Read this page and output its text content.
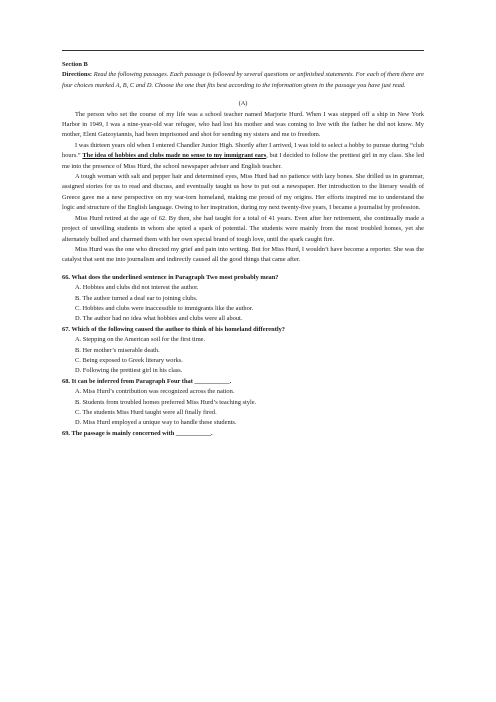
Section B
Directions: Read the following passages. Each passage is followed by several questions or unfinished statements. For each of them there are four choices marked A, B, C and D. Choose the one that fits best according to the information given in the passage you have just read.
(A)

The person who set the course of my life was a school teacher named Marjorie Hurd. When I was stepped off a ship in New York Harbor in 1949, I was a nine-year-old war refugee, who had lost his mother and was coming to live with the father he did not know. My mother, Eleni Gatzoyiannis, had been imprisoned and shot for sending my sisters and me to freedom.

I was thirteen years old when I entered Chandler Junior High. Shortly after I arrived, I was told to select a hobby to pursue during “club hours.” The idea of hobbies and clubs made no sense to my immigrant ears, but I decided to follow the prettiest girl in my class. She led me into the presence of Miss Hurd, the school newspaper adviser and English teacher.

A tough woman with salt and pepper hair and determined eyes, Miss Hurd had no patience with lazy bones. She drilled us in grammar, assigned stories for us to read and discuss, and eventually taught us how to put out a newspaper. Her introduction to the literary wealth of Greece gave me a new perspective on my war-torn homeland, making me proud of my origins. Her efforts inspired me to understand the logic and structure of the English language. Owing to her inspiration, during my next twenty-five years, I became a journalist by profession.

Miss Hurd retired at the age of 62. By then, she had taught for a total of 41 years. Even after her retirement, she continually made a project of unwilling students in whom she spied a spark of potential. The students were mainly from the most troubled homes, yet she alternately bullied and charmed them with her own special brand of tough love, until the spark caught fire.

Miss Hurd was the one who directed my grief and pain into writing. But for Miss Hurd, I wouldn’t have become a reporter. She was the catalyst that sent me into journalism and indirectly caused all the good things that came after.

66. What does the underlined sentence in Paragraph Two most probably mean?
A. Hobbies and clubs did not interest the author.
B. The author turned a deaf ear to joining clubs.
C. Hobbies and clubs were inaccessible to immigrants like the author.
D. The author had no idea what hobbies and clubs were all about.
67. Which of the following caused the author to think of his homeland differently?
A. Stepping on the American soil for the first time.
B. Her mother’s miserable death.
C. Being exposed to Greek literary works.
D. Following the prettiest girl in his class.
68. It can be inferred from Paragraph Four that ___________.
A. Miss Hurd’s contribution was recognized across the nation.
B. Students from troubled homes preferred Miss Hurd’s teaching style.
C. The students Miss Hurd taught were all finally fired.
D. Miss Hurd employed a unique way to handle these students.
69. The passage is mainly concerned with ___________.
